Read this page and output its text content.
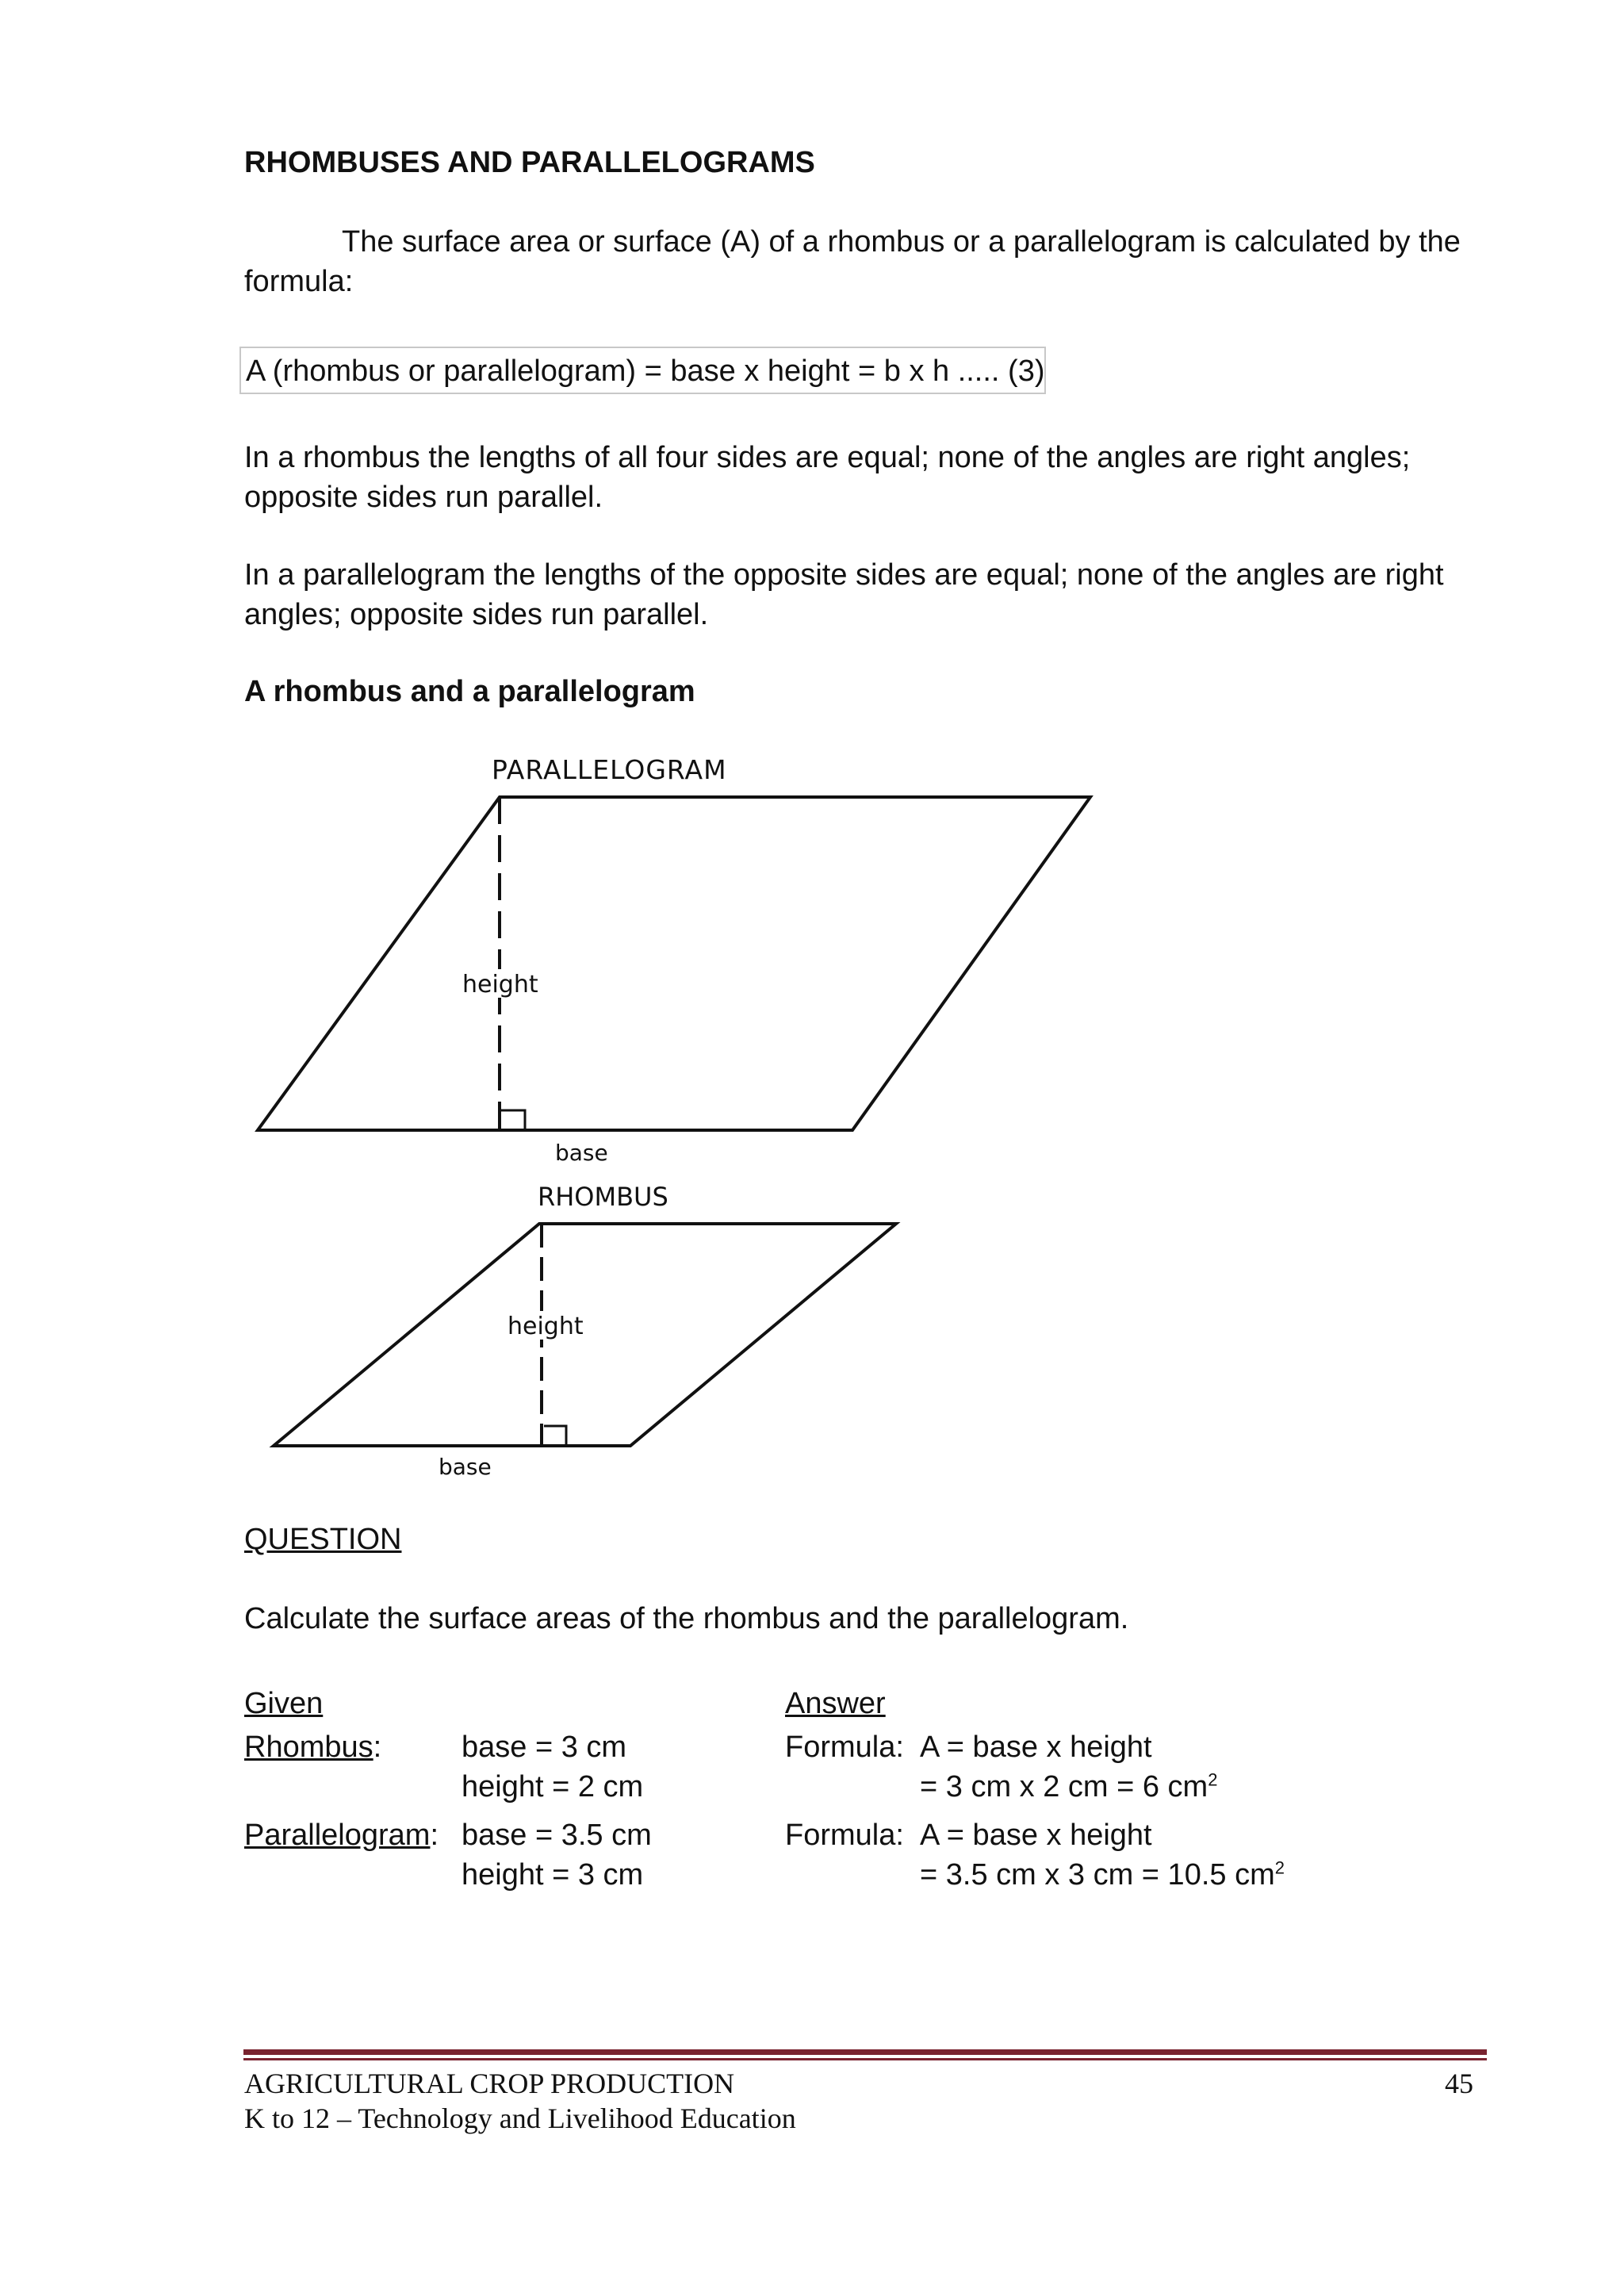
RHOMBUSES AND PARALLELOGRAMS
The surface area or surface (A) of a rhombus or a parallelogram is calculated by the
formula:
A (rhombus or parallelogram) = base x height = b x h ..... (3)
In a rhombus the lengths of all four sides are equal; none of the angles are right angles;
opposite sides run parallel.
In a parallelogram the lengths of the opposite sides are equal; none of the angles are right
angles; opposite sides run parallel.
A rhombus and a parallelogram
PARALLELOGRAM
height
base
RHOMBUS
height
base
QUESTION
Calculate the surface areas of the rhombus and the parallelogram.
Given	Answer
Rhombus:	base = 3 cm
height = 2 cm
Formula: A = base x height
= 3 cm x 2 cm = 6 $cm^2$
Parallelogram: base = 3.5 cm
height = 3 cm
Formula: A = base x height
= 3.5 cm x 3 cm = 10.5 $cm^2$
AGRICULTURAL CROP PRODUCTION
K to 12 – Technology and Livelihood Education
45
